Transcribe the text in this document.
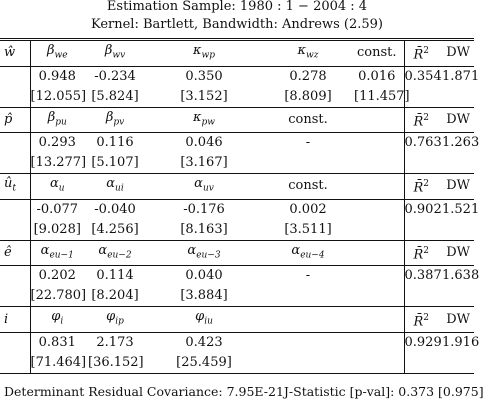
Estimation Sample: 1980 : 1 − 2004 : 4
Kernel: Bartlett, Bandwidth: Andrews (2.59)
ŵ	$\beta_{we}$	$\beta_{wv}$	$\kappa_{wp}$	$\kappa_{wz}$	const.	R̄$^2$	DW
	0.948	-0.234	0.350	0.278	0.016	0.354	1.871
	[12.055]	[5.824]	[3.152]	[8.809]	[11.457]		
p̂	$\beta_{pu}$	$\beta_{pv}$	$\kappa_{pw}$	const.		R̄$^2$	DW
	0.293	0.116	0.046	-		0.763	1.263
	[13.277]	[5.107]	[3.167]				
$û_t$	$\alpha_u$	$\alpha_{ui}$	$\alpha_{uv}$	const.		R̄$^2$	DW
	-0.077	-0.040	-0.176	0.002		0.902	1.521
	[9.028]	[4.256]	[8.163]	[3.511]			
ê	$\alpha_{eu-1}$	$\alpha_{eu-2}$	$\alpha_{eu-3}$	$\alpha_{eu-4}$		R̄$^2$	DW
	0.202	0.114	0.040	-		0.387	1.638
	[22.780]	[8.204]	[3.884]				
i	$\varphi_i$	$\varphi_{ip}$	$\varphi_{iu}$			R̄$^2$	DW
	0.831	2.173	0.423			0.929	1.916
	[71.464]	[36.152]	[25.459]				
Determinant Residual Covariance: 7.95E-21 J-Statistic [p-val]: 0.373 [0.975]
